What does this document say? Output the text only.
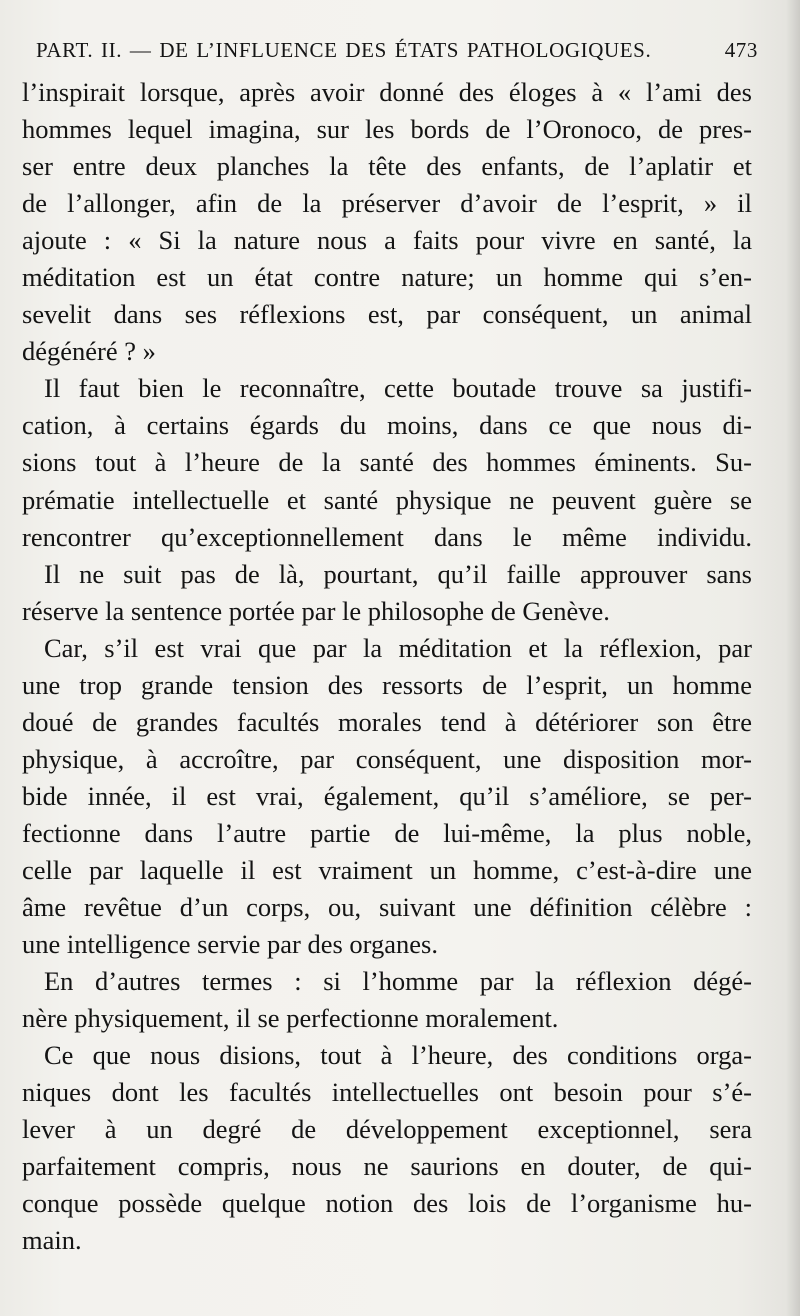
PART. II. — DE L’INFLUENCE DES ÉTATS PATHOLOGIQUES.	473
l’inspirait lorsque, après avoir donné des éloges à « l’ami des
hommes lequel imagina, sur les bords de l’Oronoco, de pres-
ser entre deux planches la tête des enfants, de l’aplatir et
de l’allonger, afin de la préserver d’avoir de l’esprit, » il
ajoute : « Si la nature nous a faits pour vivre en santé, la
méditation est un état contre nature; un homme qui s’en-
sevelit dans ses réflexions est, par conséquent, un animal
dégénéré ? »
Il faut bien le reconnaître, cette boutade trouve sa justifi-
cation, à certains égards du moins, dans ce que nous di-
sions tout à l’heure de la santé des hommes éminents. Su-
prématie intellectuelle et santé physique ne peuvent guère se
rencontrer qu’exceptionnellement dans le même individu.
Il ne suit pas de là, pourtant, qu’il faille approuver sans
réserve la sentence portée par le philosophe de Genève.
Car, s’il est vrai que par la méditation et la réflexion, par
une trop grande tension des ressorts de l’esprit, un homme
doué de grandes facultés morales tend à détériorer son être
physique, à accroître, par conséquent, une disposition mor-
bide innée, il est vrai, également, qu’il s’améliore, se per-
fectionne dans l’autre partie de lui-même, la plus noble,
celle par laquelle il est vraiment un homme, c’est-à-dire une
âme revêtue d’un corps, ou, suivant une définition célèbre :
une intelligence servie par des organes.
En d’autres termes : si l’homme par la réflexion dégé-
nère physiquement, il se perfectionne moralement.
Ce que nous disions, tout à l’heure, des conditions orga-
niques dont les facultés intellectuelles ont besoin pour s’é-
lever à un degré de développement exceptionnel, sera
parfaitement compris, nous ne saurions en douter, de qui-
conque possède quelque notion des lois de l’organisme hu-
main.
